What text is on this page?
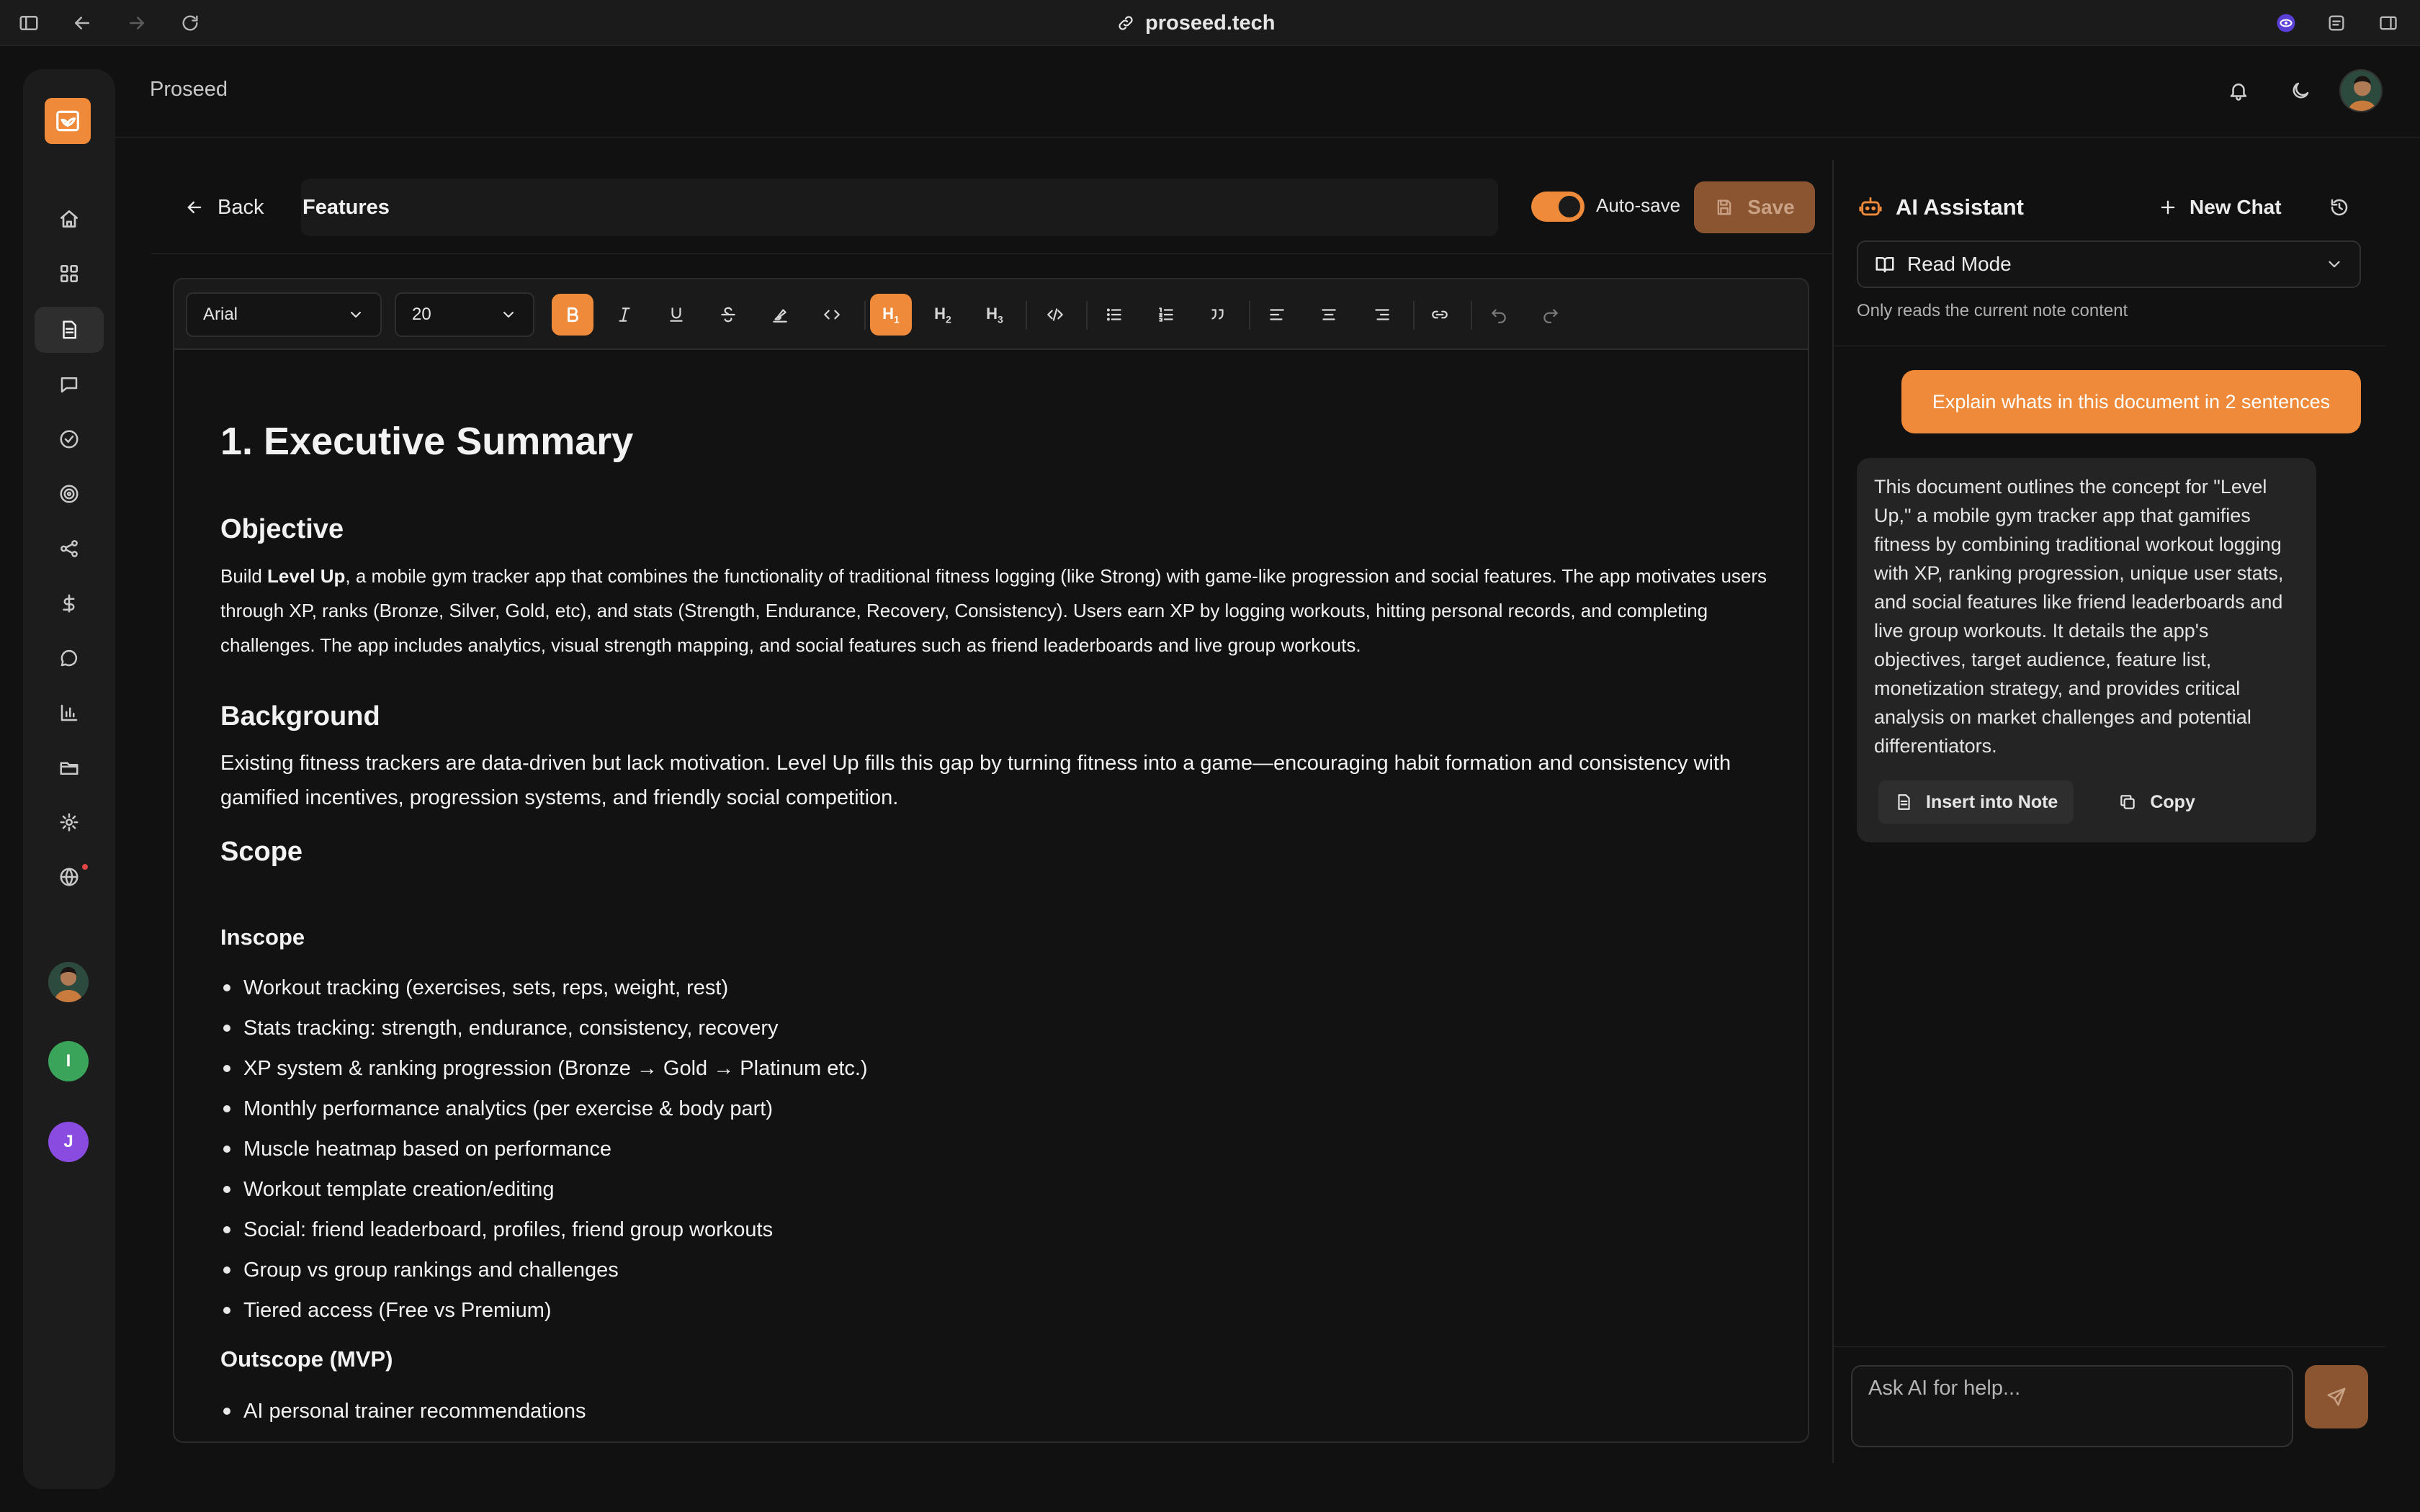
proseed.tech
I
J
Proseed
Back Features	Auto-save	Save
Arial	20	$H_1$ $H_2$ $H_3$
1. Executive Summary
Objective

Build Level Up, a mobile gym tracker app that combines the functionality of traditional fitness logging (like Strong) with game-like progression and social features. The app motivates users through XP, ranks (Bronze, Silver, Gold, etc), and stats (Strength, Endurance, Recovery, Consistency). Users earn XP by logging workouts, hitting personal records, and completing challenges. The app includes analytics, visual strength mapping, and social features such as friend leaderboards and live group workouts.

Background

Existing fitness trackers are data-driven but lack motivation. Level Up fills this gap by turning fitness into a game—encouraging habit formation and consistency with gamified incentives, progression systems, and friendly social competition.

Scope
Inscope
Workout tracking (exercises, sets, reps, weight, rest)
Stats tracking: strength, endurance, consistency, recovery
XP system & ranking progression (Bronze → Gold → Platinum etc.)
Monthly performance analytics (per exercise & body part)
Muscle heatmap based on performance
Workout template creation/editing
Social: friend leaderboard, profiles, friend group workouts
Group vs group rankings and challenges
Tiered access (Free vs Premium)
Outscope (MVP)
AI personal trainer recommendations
AI Assistant	New Chat
Read Mode
Only reads the current note content
Explain whats in this document in 2 sentences
This document outlines the concept for "Level Up," a mobile gym tracker app that gamifies fitness by combining traditional workout logging with XP, ranking progression, unique user stats, and social features like friend leaderboards and live group workouts. It details the app's objectives, target audience, feature list, monetization strategy, and provides critical analysis on market challenges and potential differentiators.
Insert into Note	Copy
Ask AI for help...
